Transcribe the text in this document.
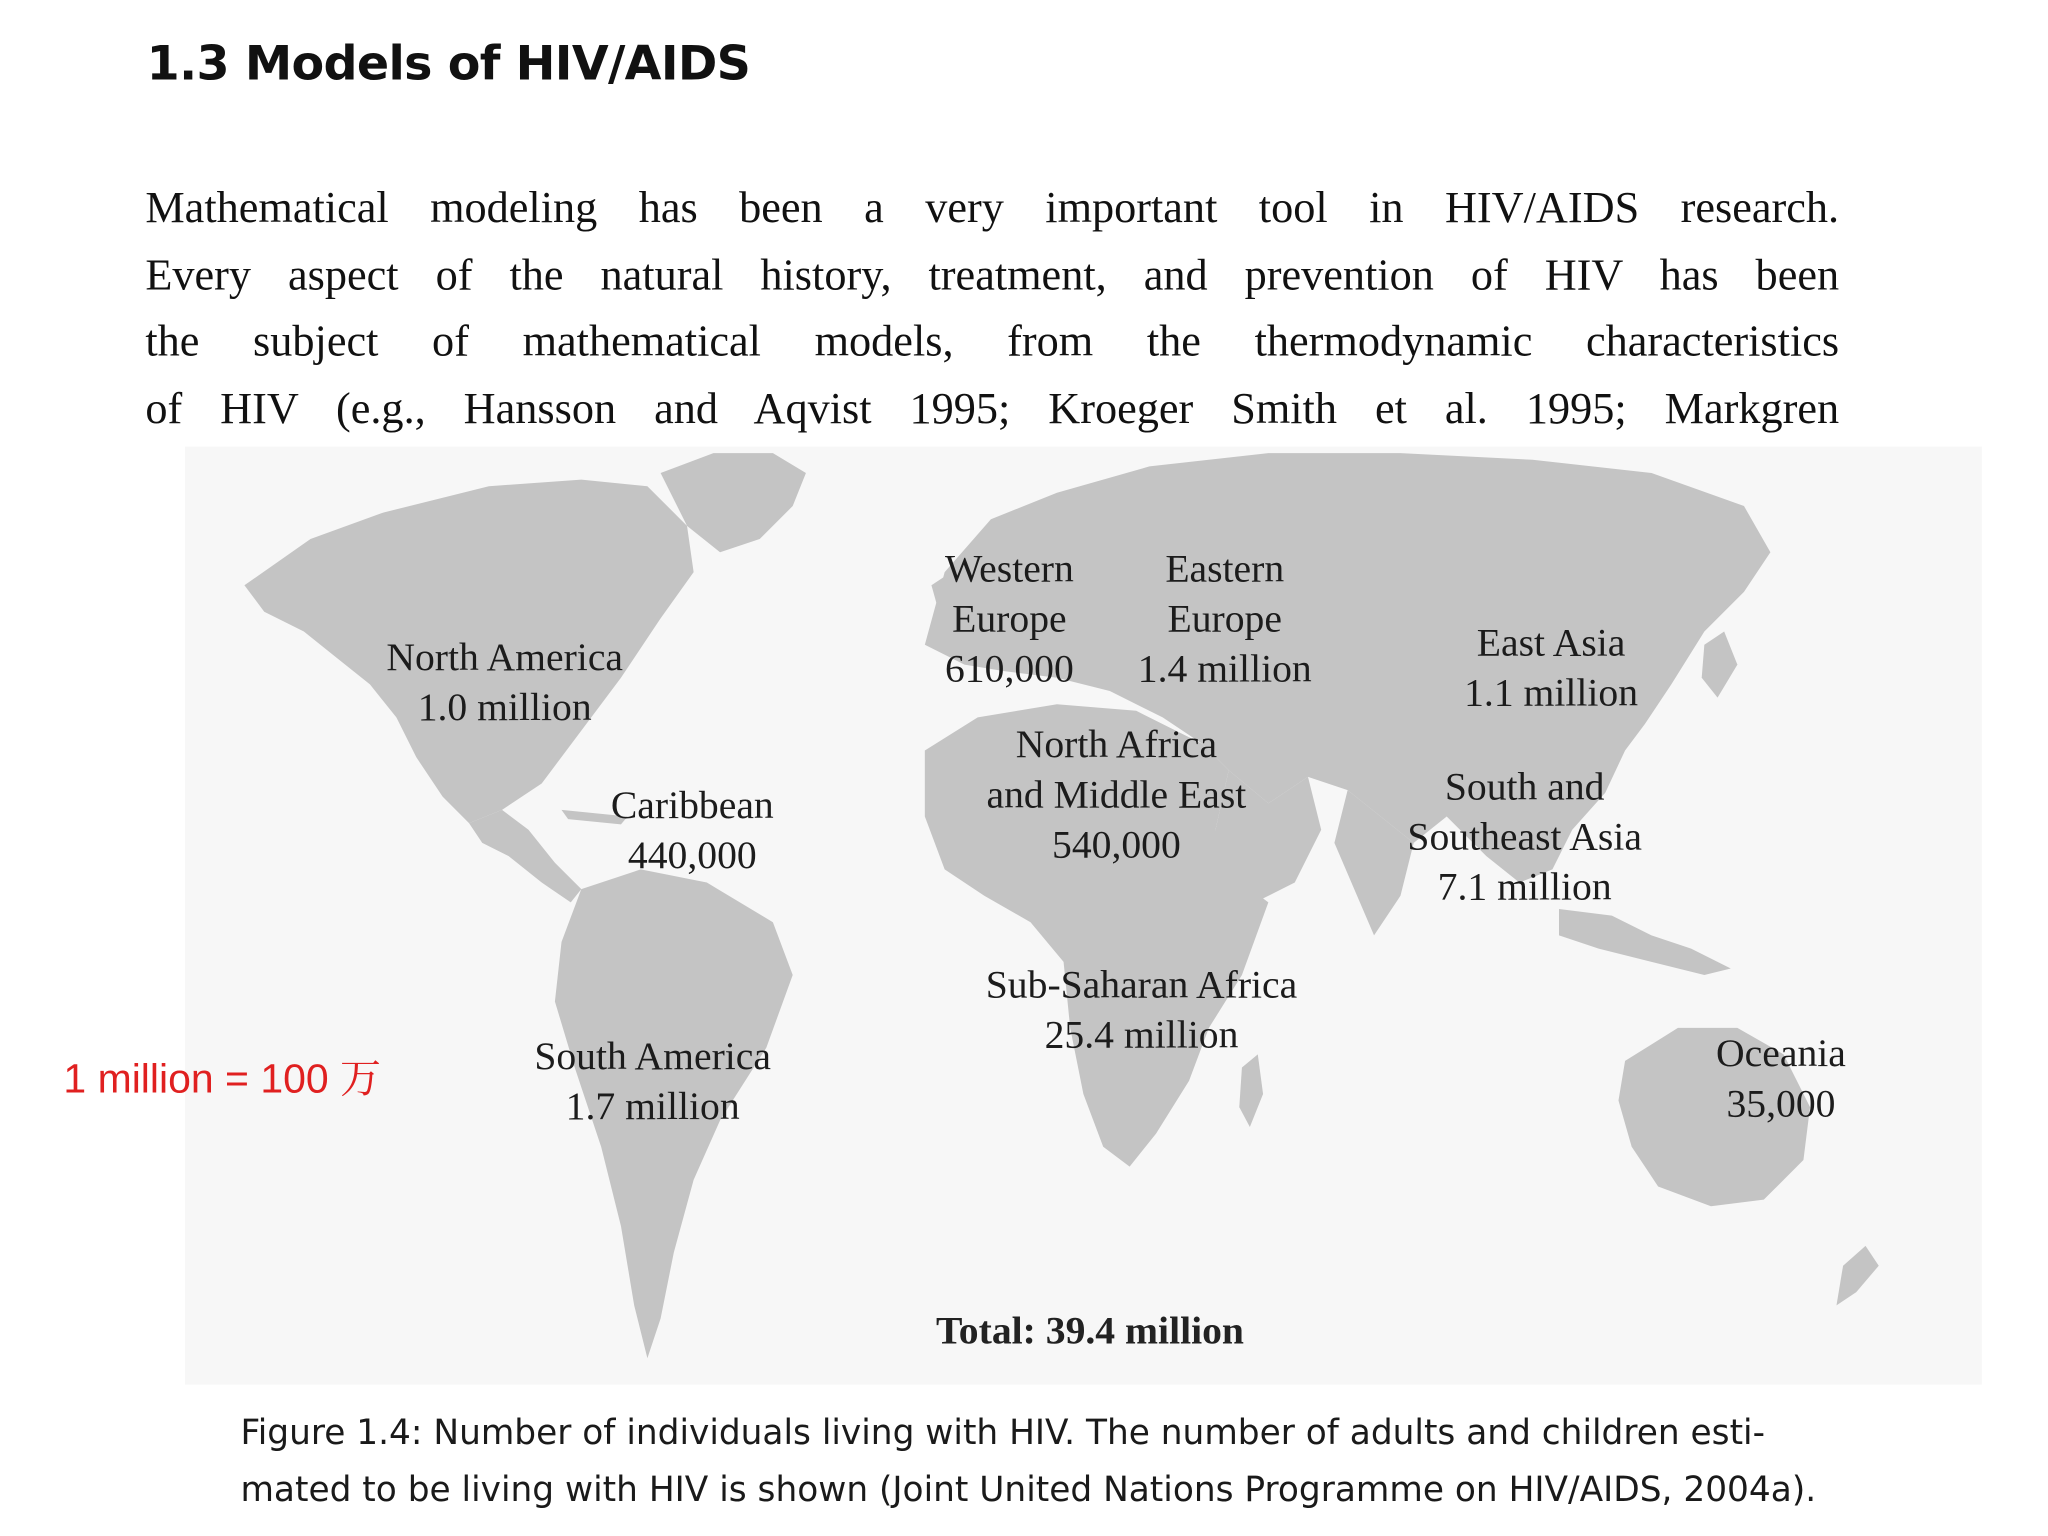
1.3 Models of HIV/AIDS

Mathematical modeling has been a very important tool in HIV/AIDS research.
Every aspect of the natural history, treatment, and prevention of HIV has been
the subject of mathematical models, from the thermodynamic characteristics
of HIV (e.g., Hansson and Aqvist 1995; Kroeger Smith et al. 1995; Markgren

North America
1.0 million
Caribbean
440,000
South America
1.7 million
Western
Europe
610,000
Eastern
Europe
1.4 million
North Africa
and Middle East
540,000
Sub-Saharan Africa
25.4 million
East Asia
1.1 million
South and
Southeast Asia
7.1 million
Oceania
35,000
Total: 39.4 million

Figure 1.4: Number of individuals living with HIV. The number of adults and children esti-
mated to be living with HIV is shown (Joint United Nations Programme on HIV/AIDS, 2004a).

1 million = 100 万
